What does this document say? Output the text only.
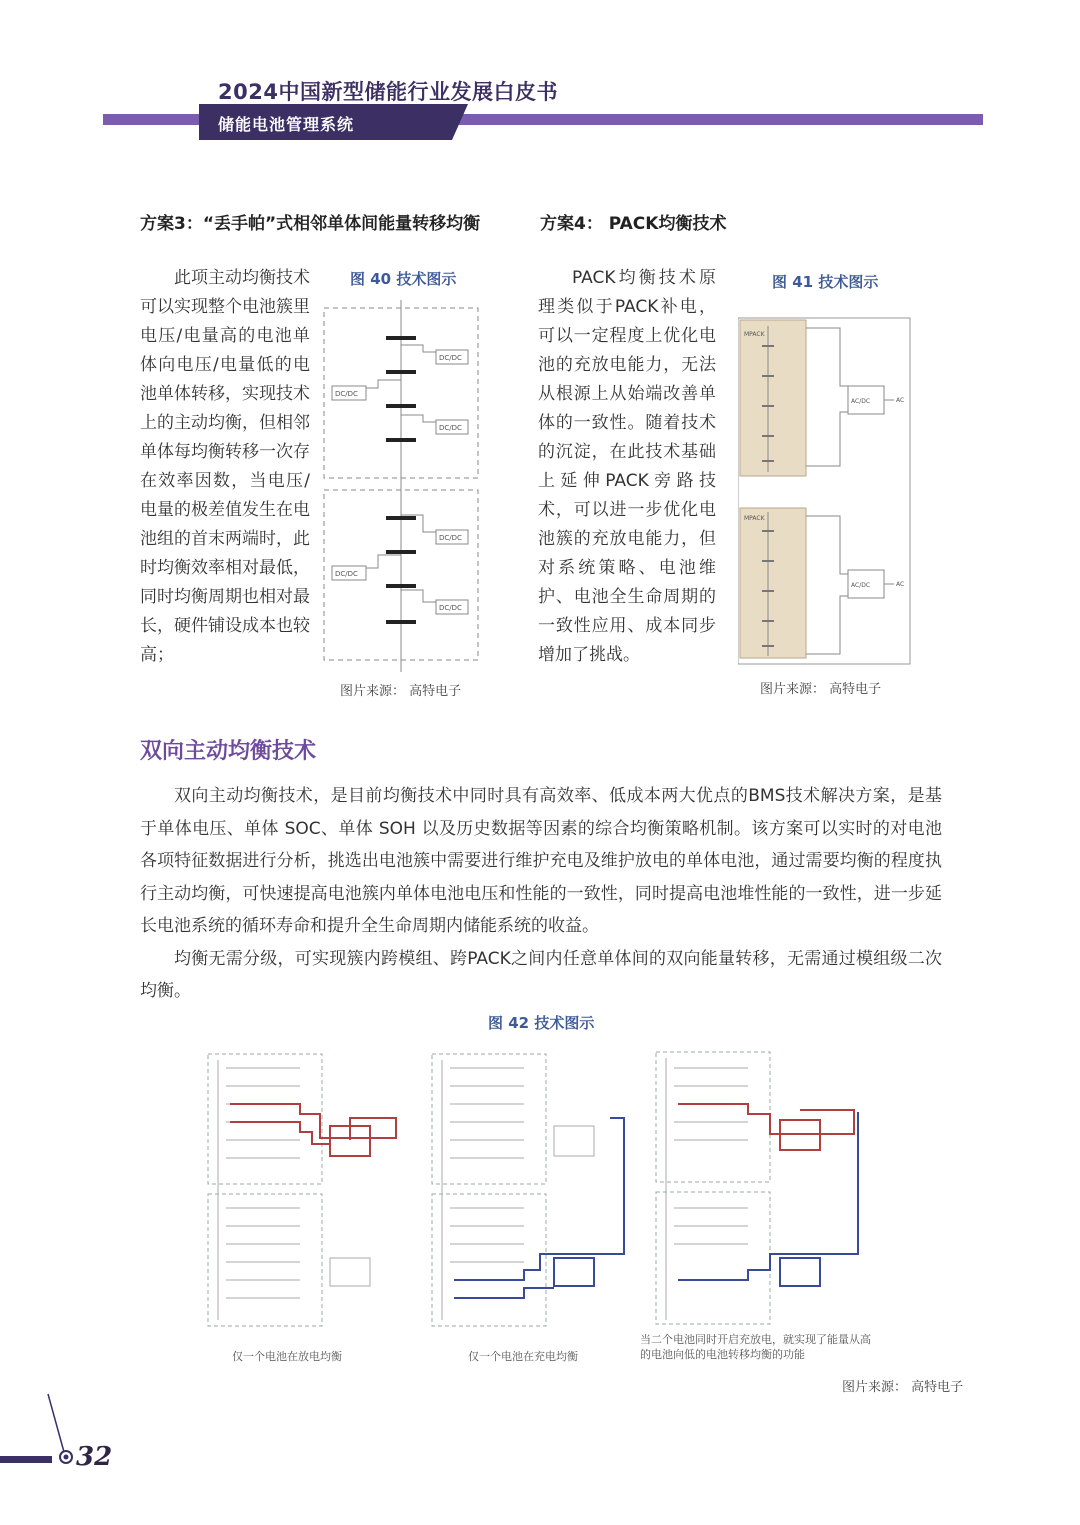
2024中国新型储能行业发展白皮书
储能电池管理系统
方案3：“丢手帕”式相邻单体间能量转移均衡

此项主动均衡技术可以实现整个电池簇里电压/电量高的电池单体向电压/电量低的电池单体转移，实现技术上的主动均衡，但相邻单体每均衡转移一次存在效率因数，当电压/电量的极差值发生在电池组的首末两端时，此时均衡效率相对最低，同时均衡周期也相对最长，硬件铺设成本也较高；

图 40 技术图示
DC/DC
DC/DC
DC/DC
DC/DC
DC/DC
DC/DC
图片来源： 高特电子
方案4： PACK均衡技术

PACK均衡技术原理类似于PACK补电，可以一定程度上优化电池的充放电能力，无法从根源上从始端改善单体的一致性。随着技术的沉淀，在此技术基础上延伸PACK旁路技术，可以进一步优化电池簇的充放电能力，但对系统策略、电池维护、电池全生命周期的一致性应用、成本同步增加了挑战。

图 41 技术图示
MPACK
MPACK
AC/DC
AC/DC
AC
AC
图片来源： 高特电子
双向主动均衡技术

双向主动均衡技术，是目前均衡技术中同时具有高效率、低成本两大优点的BMS技术解决方案，是基于单体电压、单体 SOC、单体 SOH 以及历史数据等因素的综合均衡策略机制。该方案可以实时的对电池各项特征数据进行分析，挑选出电池簇中需要进行维护充电及维护放电的单体电池，通过需要均衡的程度执行主动均衡，可快速提高电池簇内单体电池电压和性能的一致性，同时提高电池堆性能的一致性，进一步延长电池系统的循环寿命和提升全生命周期内储能系统的收益。

均衡无需分级，可实现簇内跨模组、跨PACK之间内任意单体间的双向能量转移，无需通过模组级二次均衡。

图 42 技术图示
仅一个电池在放电均衡	仅一个电池在充电均衡
当二个电池同时开启充放电，就实现了能量从高的电池向低的电池转移均衡的功能
图片来源： 高特电子
32
